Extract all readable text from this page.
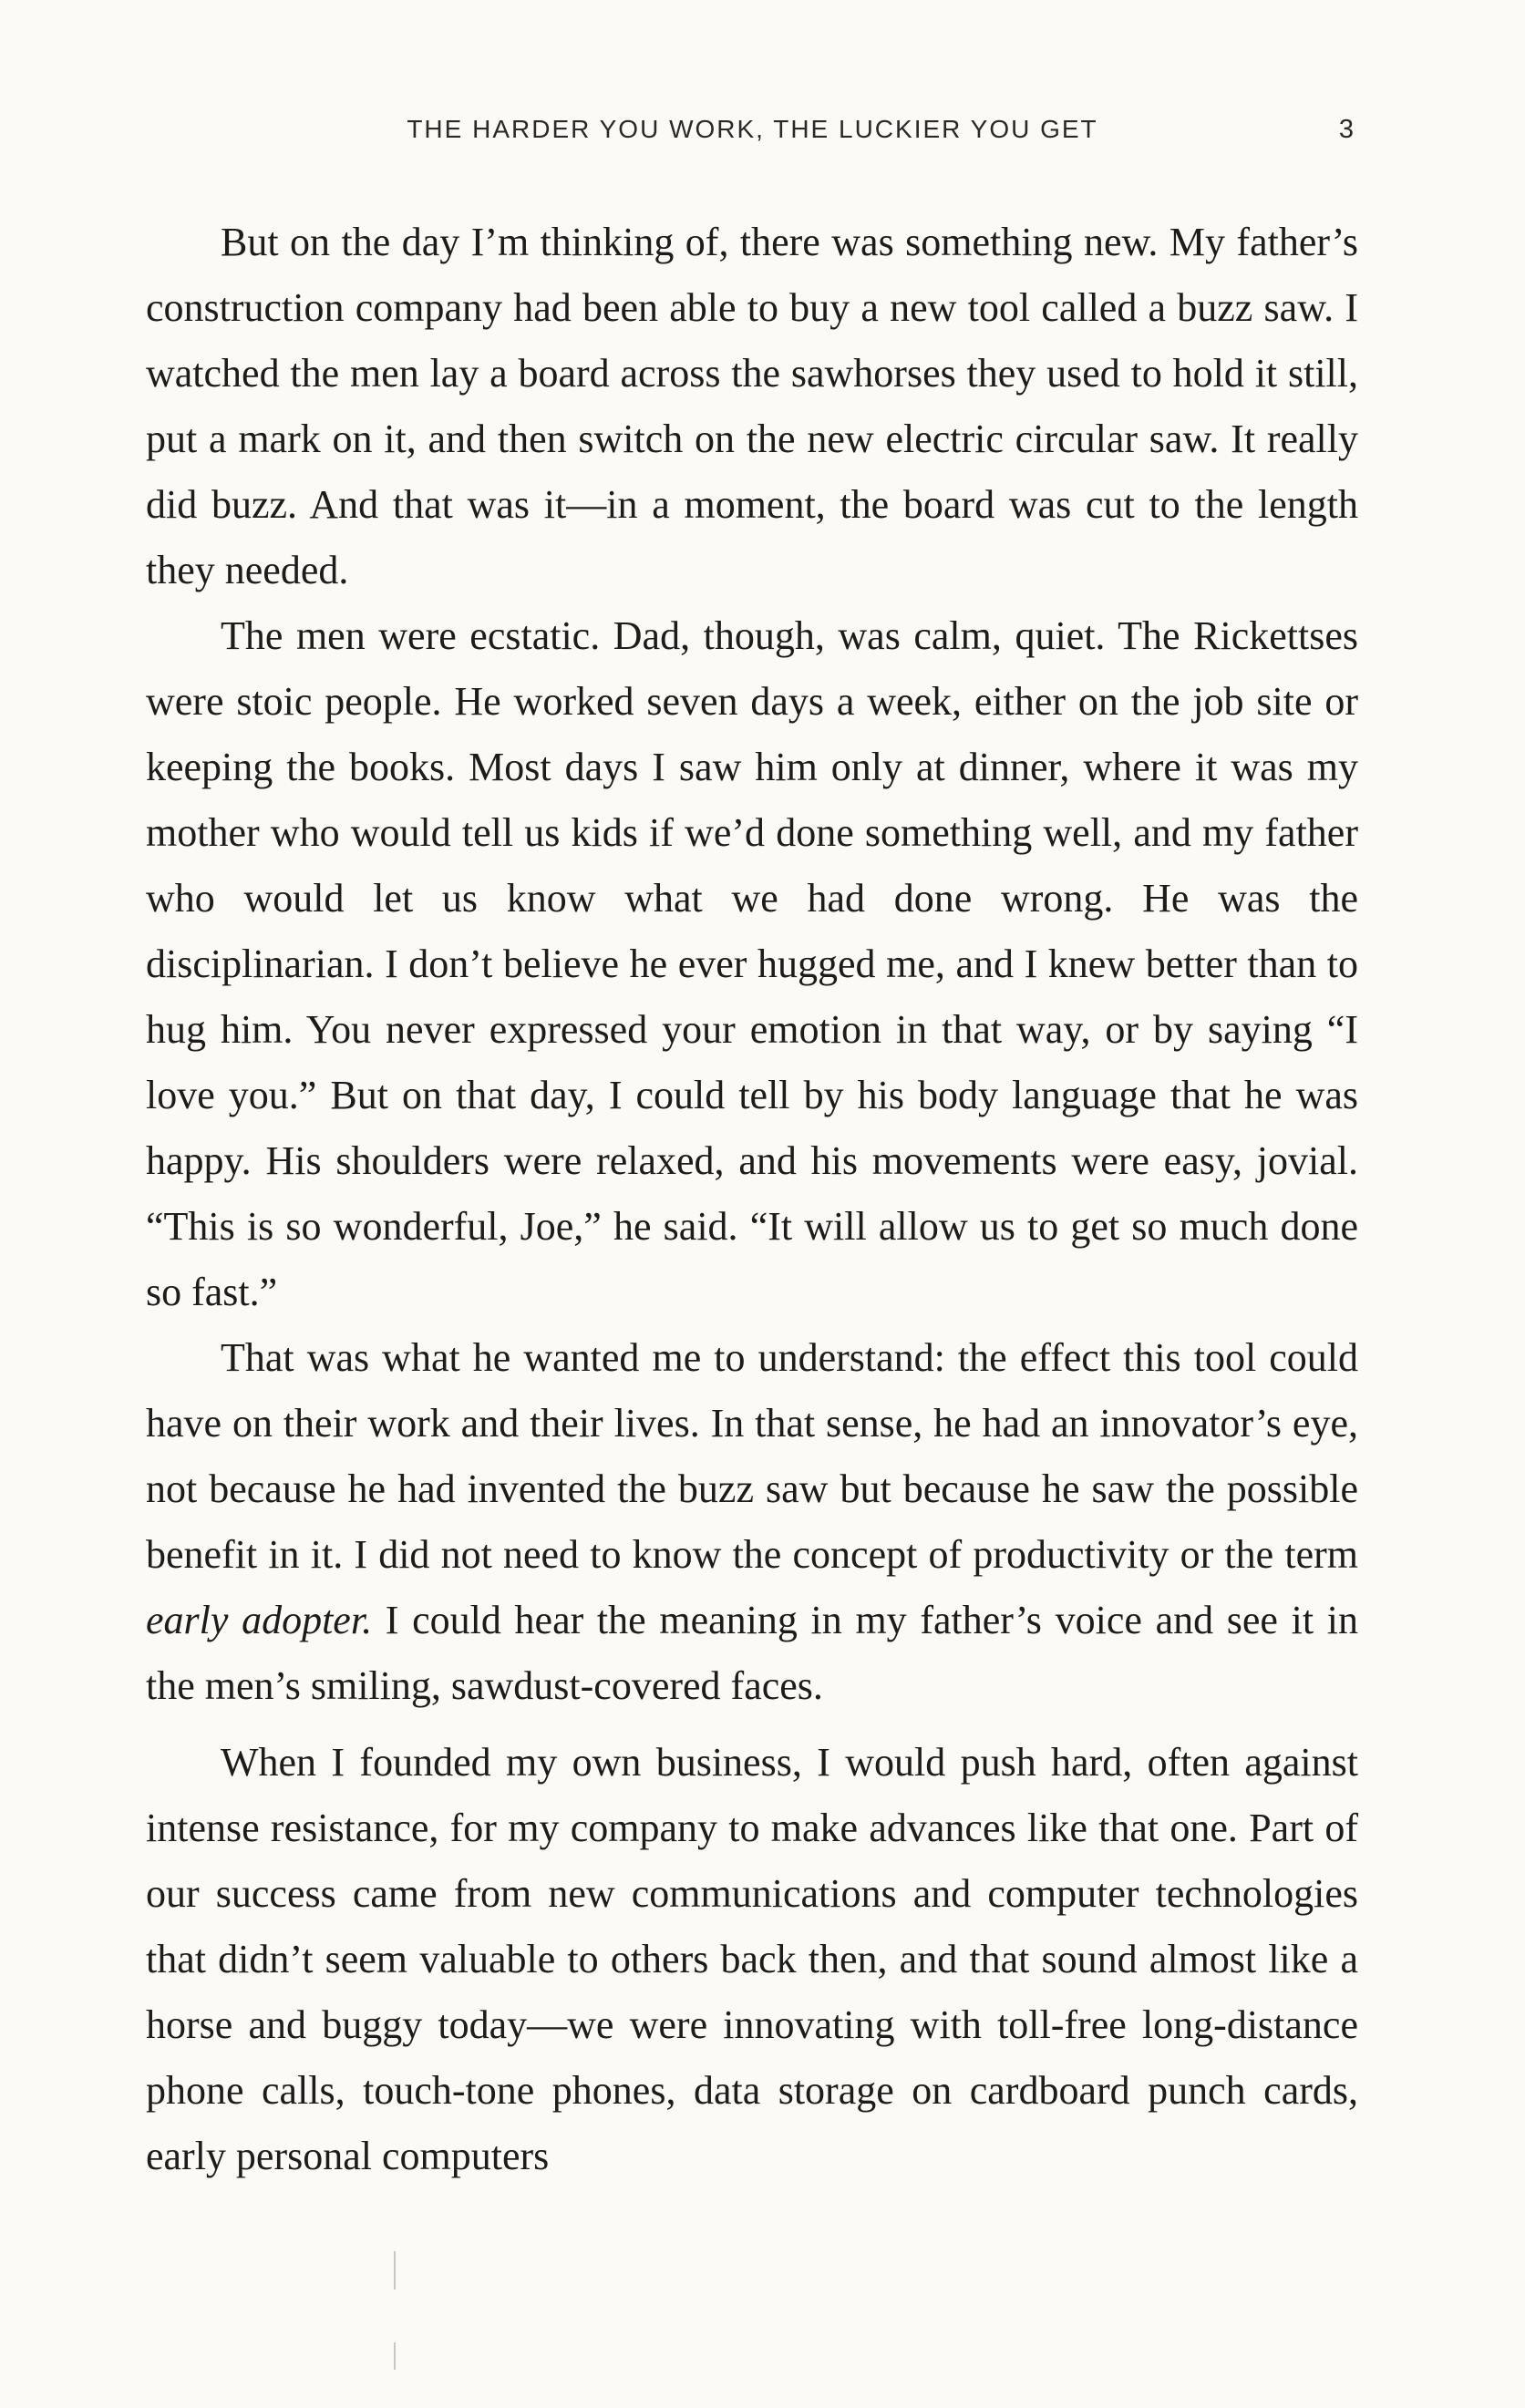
THE HARDER YOU WORK, THE LUCKIER YOU GET	3

But on the day I’m thinking of, there was something new. My father’s construction company had been able to buy a new tool called a buzz saw. I watched the men lay a board across the sawhorses they used to hold it still, put a mark on it, and then switch on the new electric circular saw. It really did buzz. And that was it—in a moment, the board was cut to the length they needed.

The men were ecstatic. Dad, though, was calm, quiet. The Rickettses were stoic people. He worked seven days a week, either on the job site or keeping the books. Most days I saw him only at dinner, where it was my mother who would tell us kids if we’d done something well, and my father who would let us know what we had done wrong. He was the disciplinarian. I don’t believe he ever hugged me, and I knew better than to hug him. You never expressed your emotion in that way, or by saying “I love you.” But on that day, I could tell by his body language that he was happy. His shoulders were relaxed, and his movements were easy, jovial. “This is so wonderful, Joe,” he said. “It will allow us to get so much done so fast.”

That was what he wanted me to understand: the effect this tool could have on their work and their lives. In that sense, he had an innovator’s eye, not because he had invented the buzz saw but because he saw the possible benefit in it. I did not need to know the concept of productivity or the term early adopter. I could hear the meaning in my father’s voice and see it in the men’s smiling, sawdust-covered faces.

When I founded my own business, I would push hard, often against intense resistance, for my company to make advances like that one. Part of our success came from new communications and computer technologies that didn’t seem valuable to others back then, and that sound almost like a horse and buggy today—we were innovating with toll-free long-distance phone calls, touch-tone phones, data storage on cardboard punch cards, early personal computers
